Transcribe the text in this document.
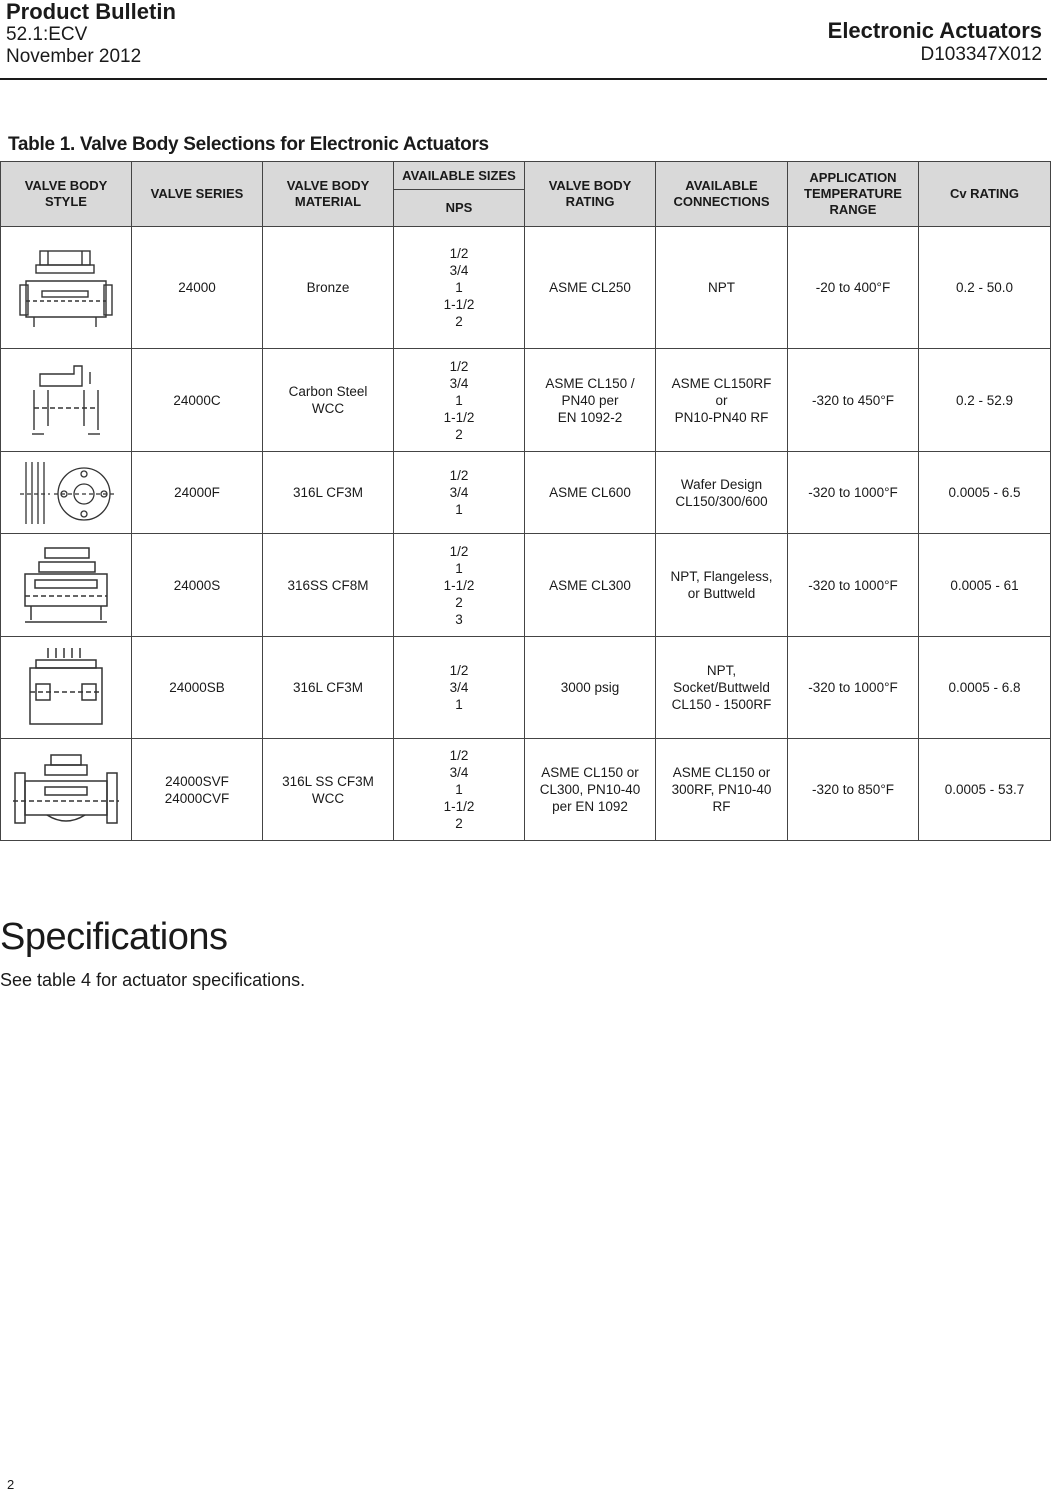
Product Bulletin
52.1:ECV
November 2012
Electronic Actuators
D103347X012
Table 1. Valve Body Selections for Electronic Actuators
VALVE BODY STYLE	VALVE SERIES	VALVE BODY MATERIAL	AVAILABLE SIZES	VALVE BODY RATING	AVAILABLE CONNECTIONS	APPLICATION TEMPERATURE RANGE	Cv RATING
			NPS				

24000	Bronze	1/2
3/4
1
1-1/2
2	ASME CL250	NPT	-20 to 400°F	0.2 - 50.0

24000C	Carbon Steel
WCC	1/2
3/4
1
1-1/2
2	ASME CL150 /
PN40 per
EN 1092-2	ASME CL150RF
or
PN10-PN40 RF	-320 to 450°F	0.2 - 52.9

24000F	316L CF3M	1/2
3/4
1	ASME CL600	Wafer Design
CL150/300/600	-320 to 1000°F	0.0005 - 6.5

24000S	316SS CF8M	1/2
1
1-1/2
2
3	ASME CL300	NPT, Flangeless,
or Buttweld	-320 to 1000°F	0.0005 - 61

24000SB	316L CF3M	1/2
3/4
1	3000 psig	NPT,
Socket/Buttweld
CL150 - 1500RF	-320 to 1000°F	0.0005 - 6.8

24000SVF
24000CVF	316L SS CF3M
WCC	1/2
3/4
1
1-1/2
2	ASME CL150 or
CL300, PN10-40
per EN 1092	ASME CL150 or
300RF, PN10-40
RF	-320 to 850°F	0.0005 - 53.7
Specifications
See table 4 for actuator specifications.
2
